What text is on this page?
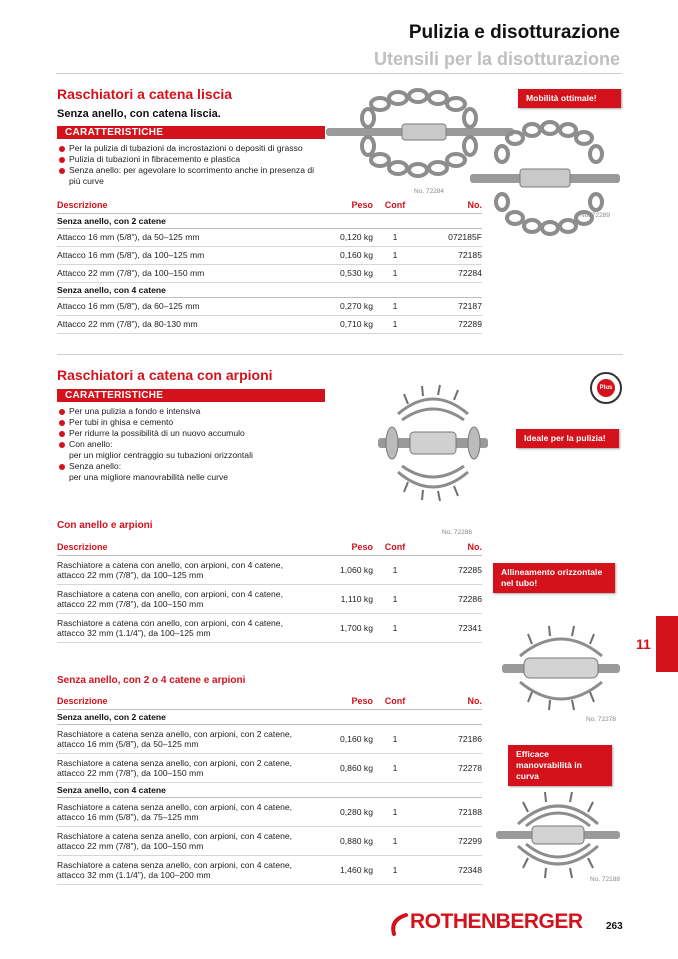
Pulizia e disotturazione
Utensili per la disotturazione
Raschiatori a catena liscia
Senza anello, con catena liscia.
CARATTERISTICHE
Per la pulizia di tubazioni da incrostazioni o depositi di grasso
Pulizia di tubazioni in fibracemento e plastica
Senza anello: per agevolare lo scorrimento anche in presenza di più curve
No. 72284
No. 72289
Mobilità ottimale!
Descrizione	Peso	Conf	No.
Senza anello, con 2 catene			
Attacco 16 mm (5/8"), da 50–125 mm	0,120 kg	1	072185F
Attacco 16 mm (5/8"), da 100–125 mm	0,160 kg	1	72185
Attacco 22 mm (7/8"), da 100–150 mm	0,530 kg	1	72284
Senza anello, con 4 catene			
Attacco 16 mm (5/8"), da 60–125 mm	0,270 kg	1	72187
Attacco 22 mm (7/8"), da 80-130 mm	0,710 kg	1	72289
Raschiatori a catena con arpioni
CARATTERISTICHE
Per una pulizia a fondo e intensiva
Per tubi in ghisa e cemento
Per ridurre la possibilità di un nuovo accumulo
Con anello:
per un miglior centraggio su tubazioni orizzontali
Senza anello:
per una migliore manovrabilità nelle curve
Plus
Ideale per la pulizia!
Con anello e arpioni
No. 72286
Descrizione	Peso	Conf	No.

Raschiatore a catena con anello, con arpioni, con 4 catene,
attacco 22 mm (7/8"), da 100–125 mm	1,060 kg	1	72285

Raschiatore a catena con anello, con arpioni, con 4 catene,
attacco 22 mm (7/8"), da 100–150 mm	1,110 kg	1	72286

Raschiatore a catena con anello, con arpioni, con 4 catene,
attacco 32 mm (1.1/4"), da 100–125 mm	1,700 kg	1	72341
Allineamento orizzontale nel tubo!
No. 72278
Efficace manovrabilità in curva
No. 72188
Senza anello, con 2 o 4 catene e arpioni
Descrizione	Peso	Conf	No.
Senza anello, con 2 catene			

Raschiatore a catena senza anello, con arpioni, con 2 catene,
attacco 16 mm (5/8"), da 50–125 mm	0,160 kg	1	72186

Raschiatore a catena senza anello, con arpioni, con 2 catene,
attacco 22 mm (7/8"), da 100–150 mm	0,860 kg	1	72278
Senza anello, con 4 catene			

Raschiatore a catena senza anello, con arpioni, con 4 catene,
attacco 16 mm (5/8"), da 75–125 mm	0,280 kg	1	72188

Raschiatore a catena senza anello, con arpioni, con 4 catene,
attacco 22 mm (7/8"), da 100–150 mm	0,880 kg	1	72299

Raschiatore a catena senza anello, con arpioni, con 4 catene,
attacco 32 mm (1.1/4"), da 100–200 mm	1,460 kg	1	72348
11
ROTHENBERGER 263
